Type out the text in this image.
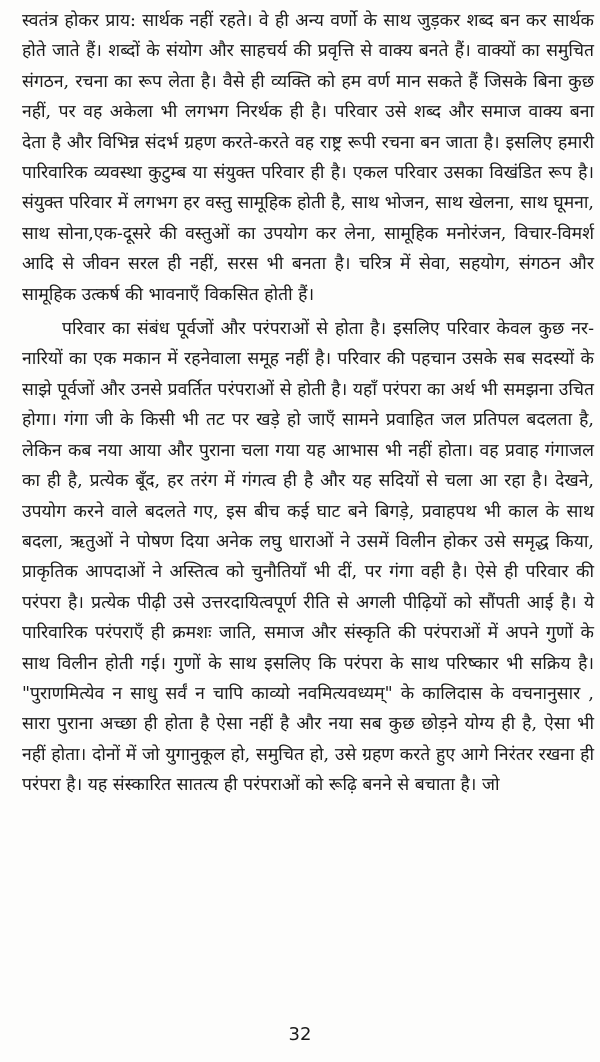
स्वतंत्र होकर प्राय: सार्थक नहीं रहते। वे ही अन्य वर्णो के साथ जुड़कर शब्द बन कर सार्थक होते जाते हैं। शब्दों के संयोग और साहचर्य की प्रवृत्ति से वाक्य बनते हैं। वाक्यों का समुचित संगठन, रचना का रूप लेता है। वैसे ही व्यक्ति को हम वर्ण मान सकते हैं जिसके बिना कुछ नहीं, पर वह अकेला भी लगभग निरर्थक ही है। परिवार उसे शब्द और समाज वाक्य बना देता है और विभिन्न संदर्भ ग्रहण करते-करते वह राष्ट्र रूपी रचना बन जाता है। इसलिए हमारी पारिवारिक व्यवस्था कुटुम्ब या संयुक्त परिवार ही है। एकल परिवार उसका विखंडित रूप है। संयुक्त परिवार में लगभग हर वस्तु सामूहिक होती है, साथ भोजन, साथ खेलना, साथ घूमना, साथ सोना,एक-दूसरे की वस्तुओं का उपयोग कर लेना, सामूहिक मनोरंजन, विचार-विमर्श आदि से जीवन सरल ही नहीं, सरस भी बनता है। चरित्र में सेवा, सहयोग, संगठन और सामूहिक उत्कर्ष की भावनाएँ विकसित होती हैं।

परिवार का संबंध पूर्वजों और परंपराओं से होता है। इसलिए परिवार केवल कुछ नर-नारियों का एक मकान में रहनेवाला समूह नहीं है। परिवार की पहचान उसके सब सदस्यों के साझे पूर्वजों और उनसे प्रवर्तित परंपराओं से होती है। यहाँ परंपरा का अर्थ भी समझना उचित होगा। गंगा जी के किसी भी तट पर खड़े हो जाएँ सामने प्रवाहित जल प्रतिपल बदलता है, लेकिन कब नया आया और पुराना चला गया यह आभास भी नहीं होता। वह प्रवाह गंगाजल का ही है, प्रत्येक बूँद, हर तरंग में गंगत्व ही है और यह सदियों से चला आ रहा है। देखने, उपयोग करने वाले बदलते गए, इस बीच कई घाट बने बिगड़े, प्रवाहपथ भी काल के साथ बदला, ऋतुओं ने पोषण दिया अनेक लघु धाराओं ने उसमें विलीन होकर उसे समृद्ध किया, प्राकृतिक आपदाओं ने अस्तित्व को चुनौतियाँ भी दीं, पर गंगा वही है। ऐसे ही परिवार की परंपरा है। प्रत्येक पीढ़ी उसे उत्तरदायित्वपूर्ण रीति से अगली पीढ़ियों को सौंपती आई है। ये पारिवारिक परंपराएँ ही क्रमशः जाति, समाज और संस्कृति की परंपराओं में अपने गुणों के साथ विलीन होती गई। गुणों के साथ इसलिए कि परंपरा के साथ परिष्कार भी सक्रिय है। "पुराणमित्येव न साधु सर्वं न चापि काव्यो नवमित्यवध्यम्" के कालिदास के वचनानुसार , सारा पुराना अच्छा ही होता है ऐसा नहीं है और नया सब कुछ छोड़ने योग्य ही है, ऐसा भी नहीं होता। दोनों में जो युगानुकूल हो, समुचित हो, उसे ग्रहण करते हुए आगे निरंतर रखना ही परंपरा है। यह संस्कारित सातत्य ही परंपराओं को रूढ़ि बनने से बचाता है। जो

32
